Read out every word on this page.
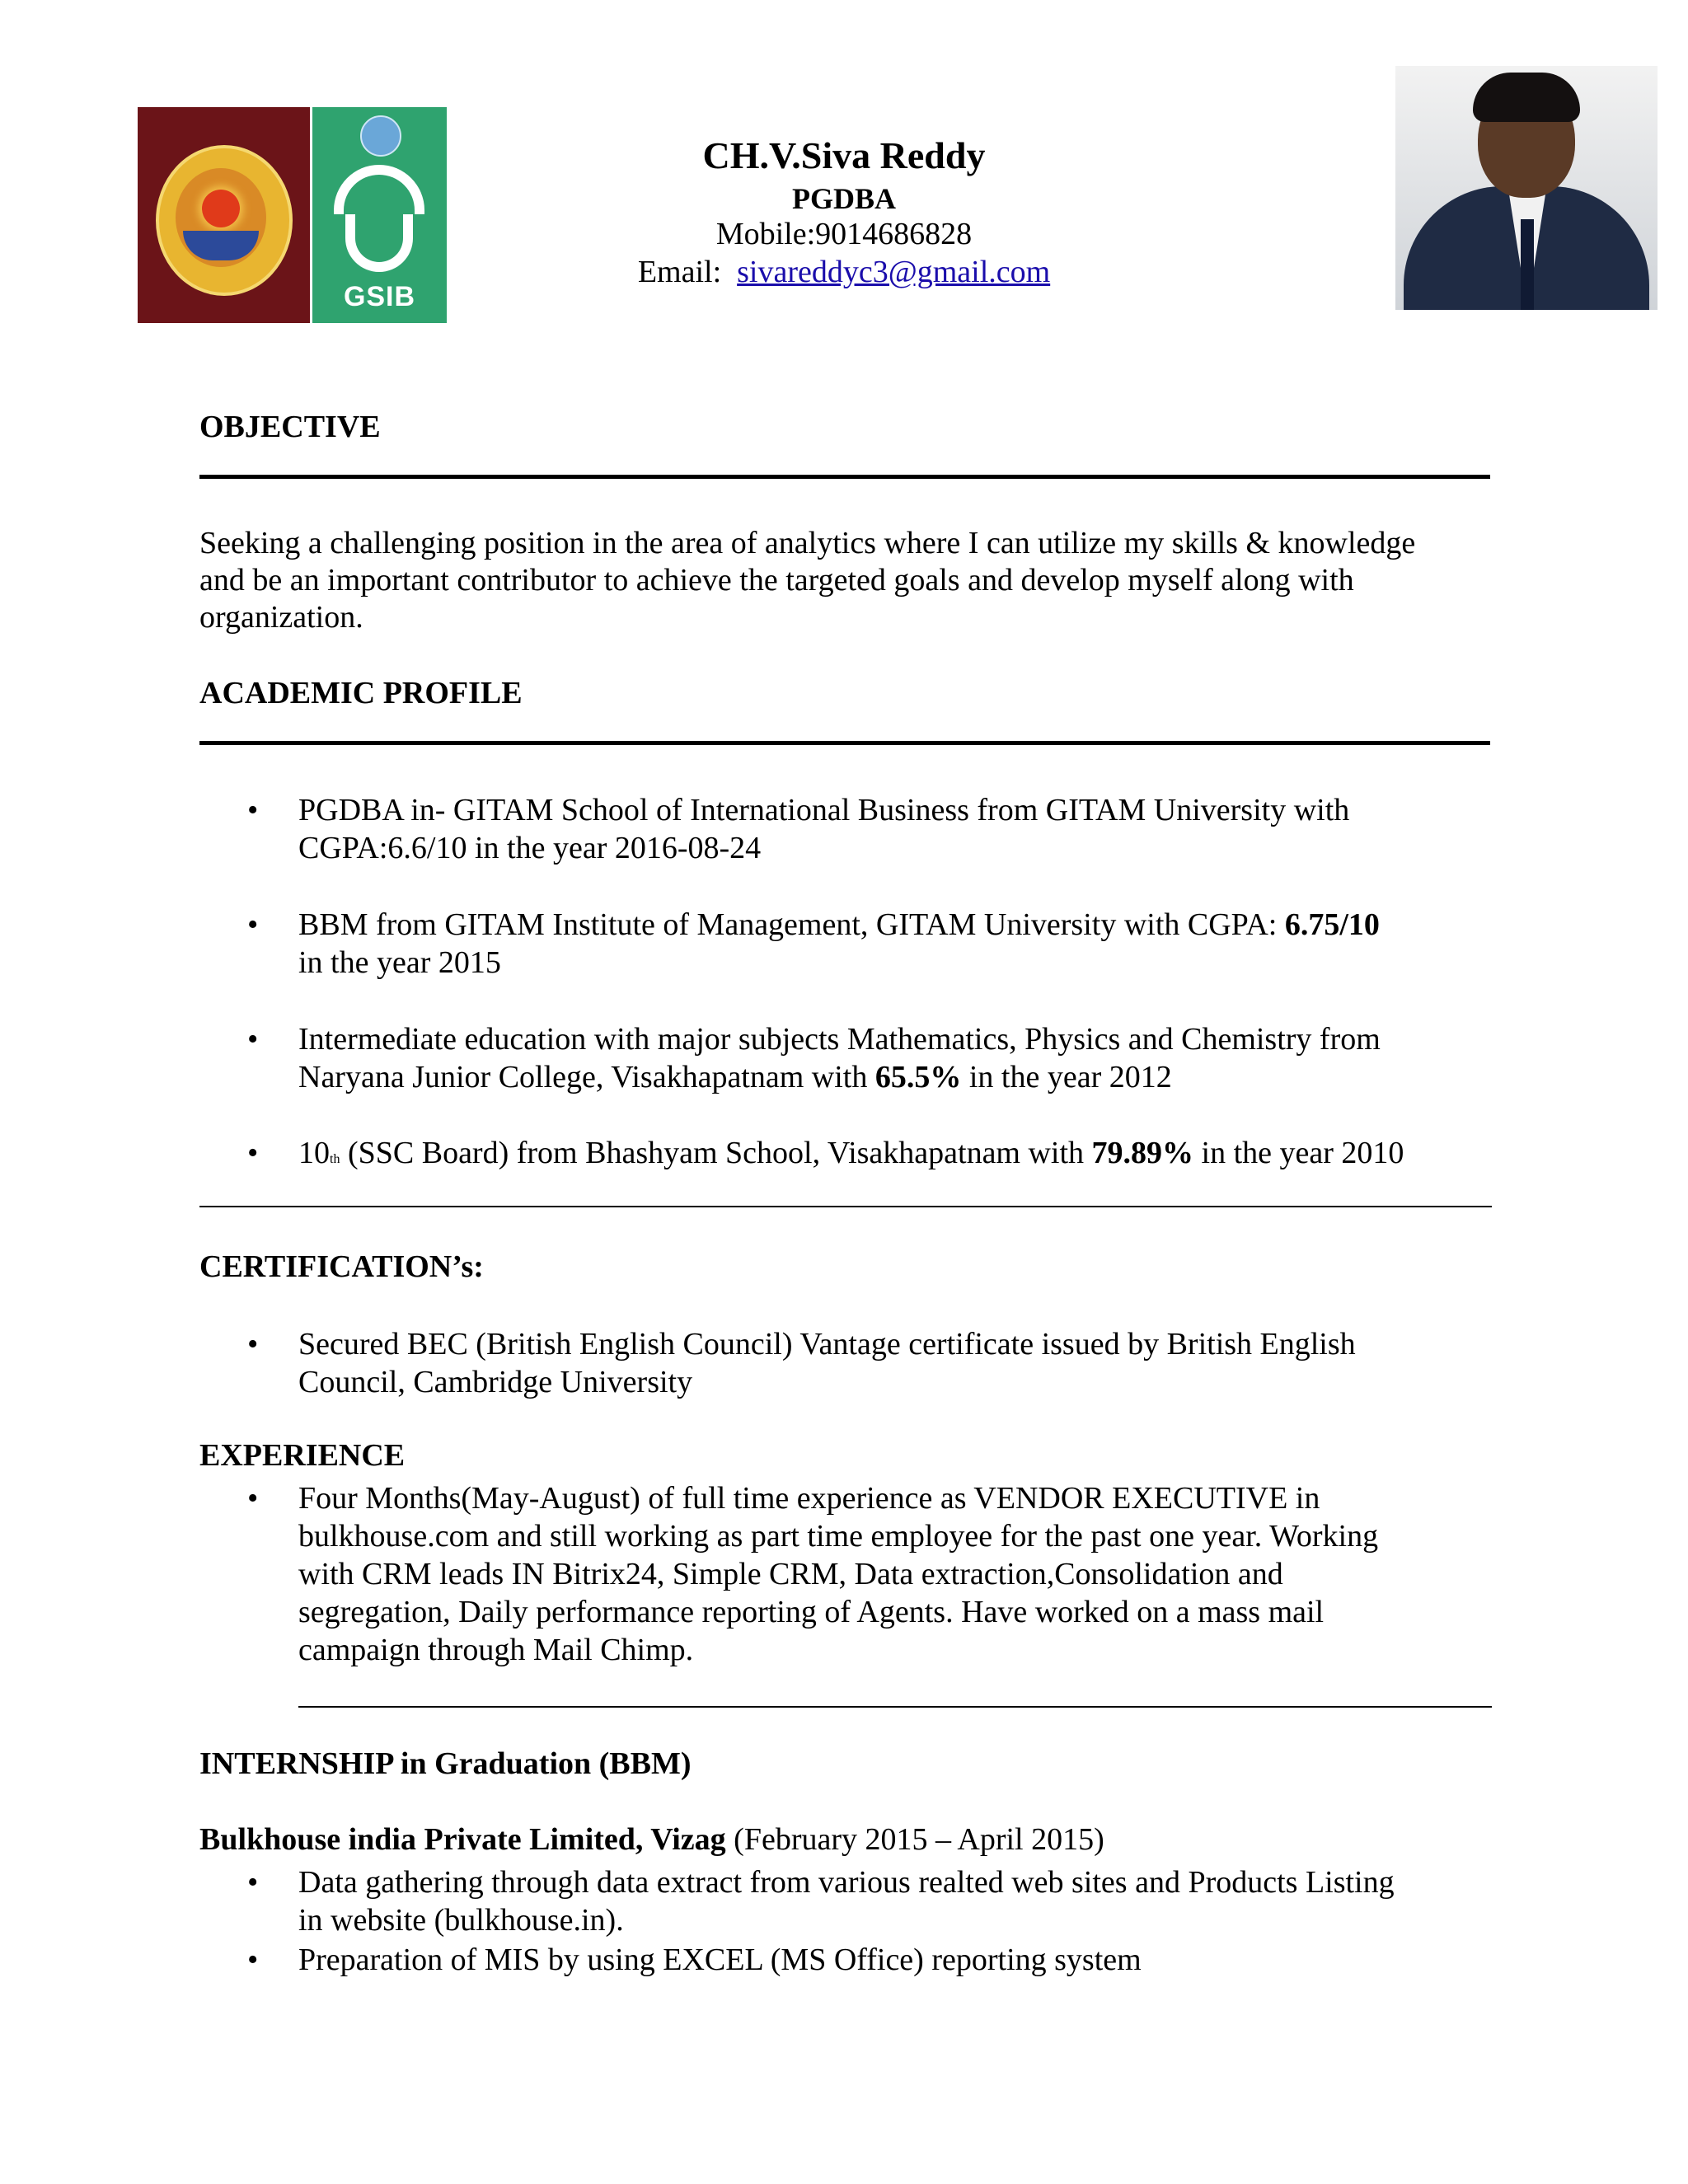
GSIB
CH.V.Siva Reddy
PGDBA
Mobile:9014686828
Email: sivareddyc3@gmail.com
OBJECTIVE
Seeking a challenging position in the area of analytics where I can utilize my skills & knowledge
and be an important contributor to achieve the targeted goals and develop myself along with
organization.
ACADEMIC PROFILE
• PGDBA in- GITAM School of International Business from GITAM University with
CGPA:6.6/10 in the year 2016-08-24
• BBM from GITAM Institute of Management, GITAM University with CGPA: 6.75/10
in the year 2015
• Intermediate education with major subjects Mathematics, Physics and Chemistry from
Naryana Junior College, Visakhapatnam with 65.5% in the year 2012
• 10th (SSC Board) from Bhashyam School, Visakhapatnam with 79.89% in the year 2010
CERTIFICATION’s:
• Secured BEC (British English Council) Vantage certificate issued by British English
Council, Cambridge University
EXPERIENCE
• Four Months(May-August) of full time experience as VENDOR EXECUTIVE in
bulkhouse.com and still working as part time employee for the past one year. Working
with CRM leads IN Bitrix24, Simple CRM, Data extraction,Consolidation and
segregation, Daily performance reporting of Agents. Have worked on a mass mail
campaign through Mail Chimp.
INTERNSHIP in Graduation (BBM)
Bulkhouse india Private Limited, Vizag (February 2015 – April 2015)
• Data gathering through data extract from various realted web sites and Products Listing
in website (bulkhouse.in).
• Preparation of MIS by using EXCEL (MS Office) reporting system
